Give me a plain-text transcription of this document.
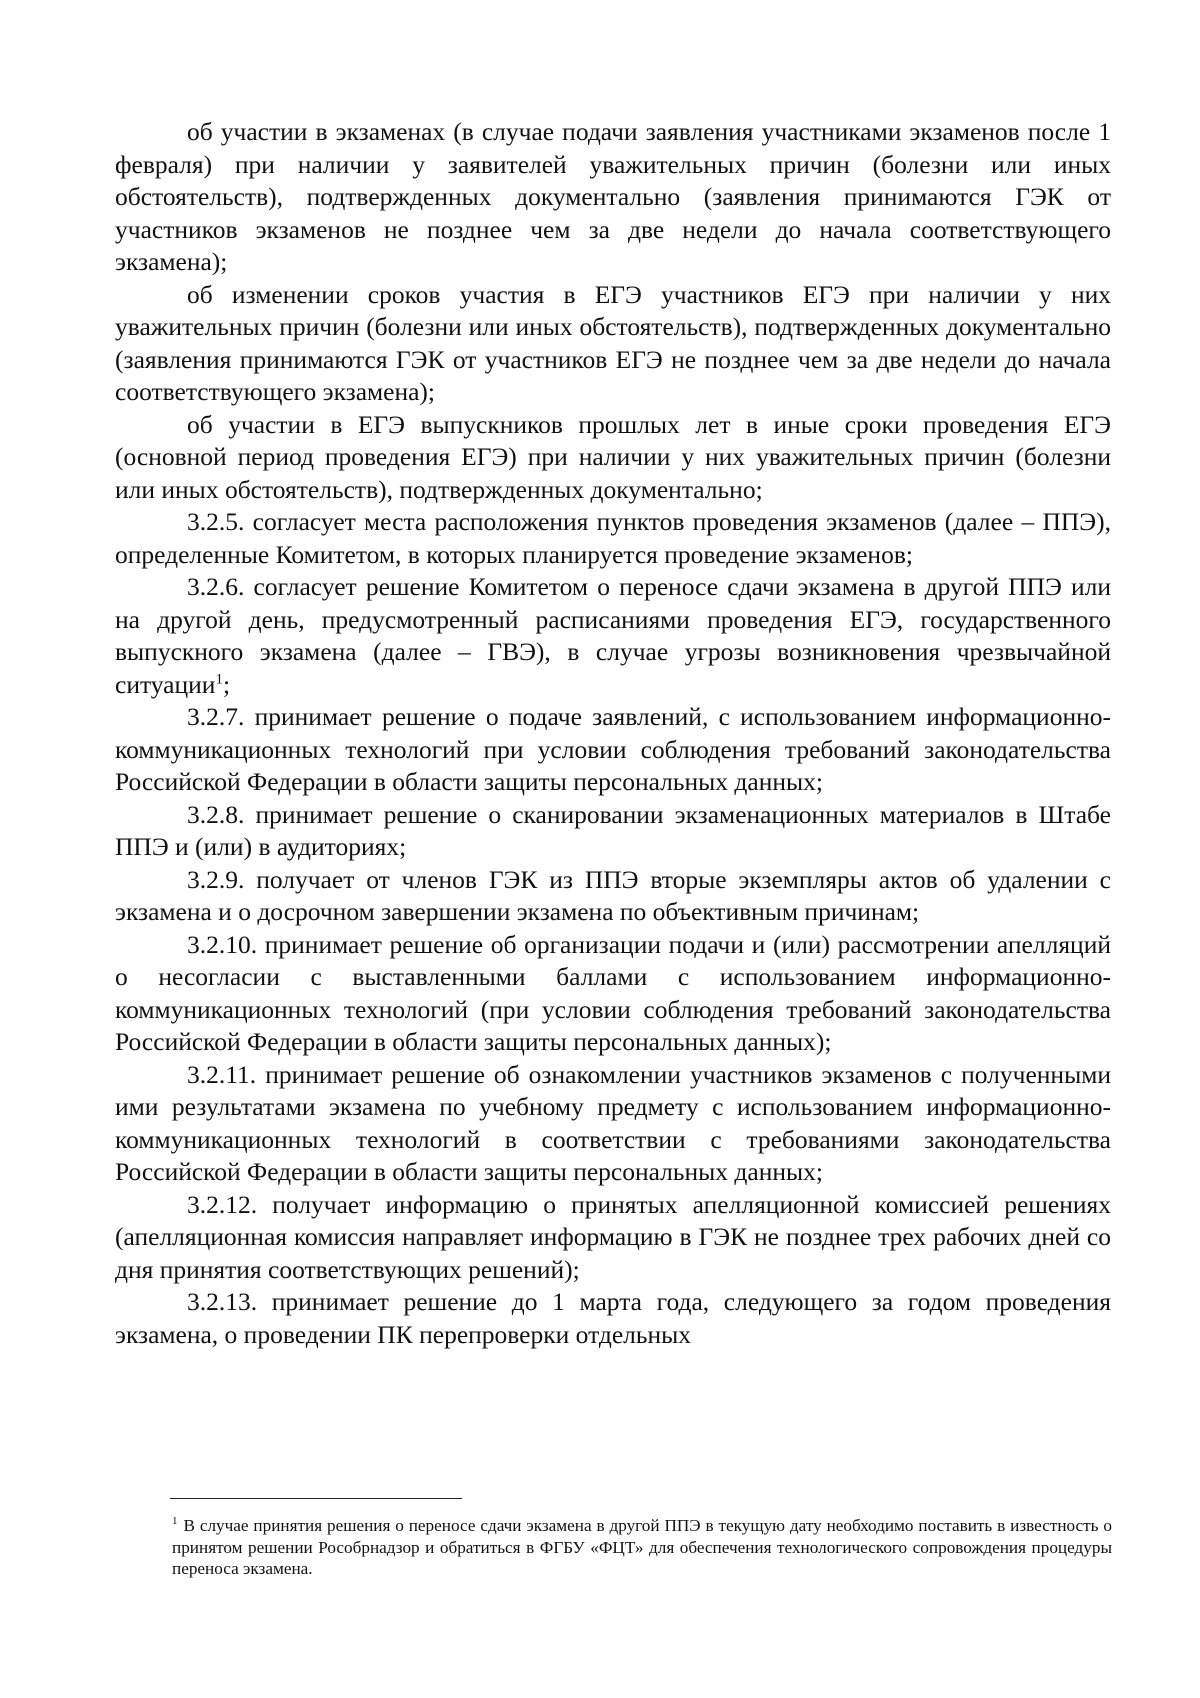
об участии в экзаменах (в случае подачи заявления участниками экзаменов после 1 февраля) при наличии у заявителей уважительных причин (болезни или иных обстоятельств), подтвержденных документально (заявления принимаются ГЭК от участников экзаменов не позднее чем за две недели до начала соответствующего экзамена);

об изменении сроков участия в ЕГЭ участников ЕГЭ при наличии у них уважительных причин (болезни или иных обстоятельств), подтвержденных документально (заявления принимаются ГЭК от участников ЕГЭ не позднее чем за две недели до начала соответствующего экзамена);

об участии в ЕГЭ выпускников прошлых лет в иные сроки проведения ЕГЭ (основной период проведения ЕГЭ) при наличии у них уважительных причин (болезни или иных обстоятельств), подтвержденных документально;

3.2.5. согласует места расположения пунктов проведения экзаменов (далее – ППЭ), определенные Комитетом, в которых планируется проведение экзаменов;

3.2.6. согласует решение Комитетом о переносе сдачи экзамена в другой ППЭ или на другой день, предусмотренный расписаниями проведения ЕГЭ, государственного выпускного экзамена (далее – ГВЭ), в случае угрозы возникновения чрезвычайной ситуации$^1$;

3.2.7. принимает решение о подаче заявлений, с использованием информационно-коммуникационных технологий при условии соблюдения требований законодательства Российской Федерации в области защиты персональных данных;

3.2.8. принимает решение о сканировании экзаменационных материалов в Штабе ППЭ и (или) в аудиториях;

3.2.9. получает от членов ГЭК из ППЭ вторые экземпляры актов об удалении с экзамена и о досрочном завершении экзамена по объективным причинам;

3.2.10. принимает решение об организации подачи и (или) рассмотрении апелляций о несогласии с выставленными баллами с использованием информационно-коммуникационных технологий (при условии соблюдения требований законодательства Российской Федерации в области защиты персональных данных);

3.2.11. принимает решение об ознакомлении участников экзаменов с полученными ими результатами экзамена по учебному предмету с использованием информационно-коммуникационных технологий в соответствии с требованиями законодательства Российской Федерации в области защиты персональных данных;

3.2.12. получает информацию о принятых апелляционной комиссией решениях (апелляционная комиссия направляет информацию в ГЭК не позднее трех рабочих дней со дня принятия соответствующих решений);

3.2.13. принимает решение до 1 марта года, следующего за годом проведения экзамена, о проведении ПК перепроверки отдельных

$^1$ В случае принятия решения о переносе сдачи экзамена в другой ППЭ в текущую дату необходимо поставить в известность о принятом решении Рособрнадзор и обратиться в ФГБУ «ФЦТ» для обеспечения технологического сопровождения процедуры переноса экзамена.
